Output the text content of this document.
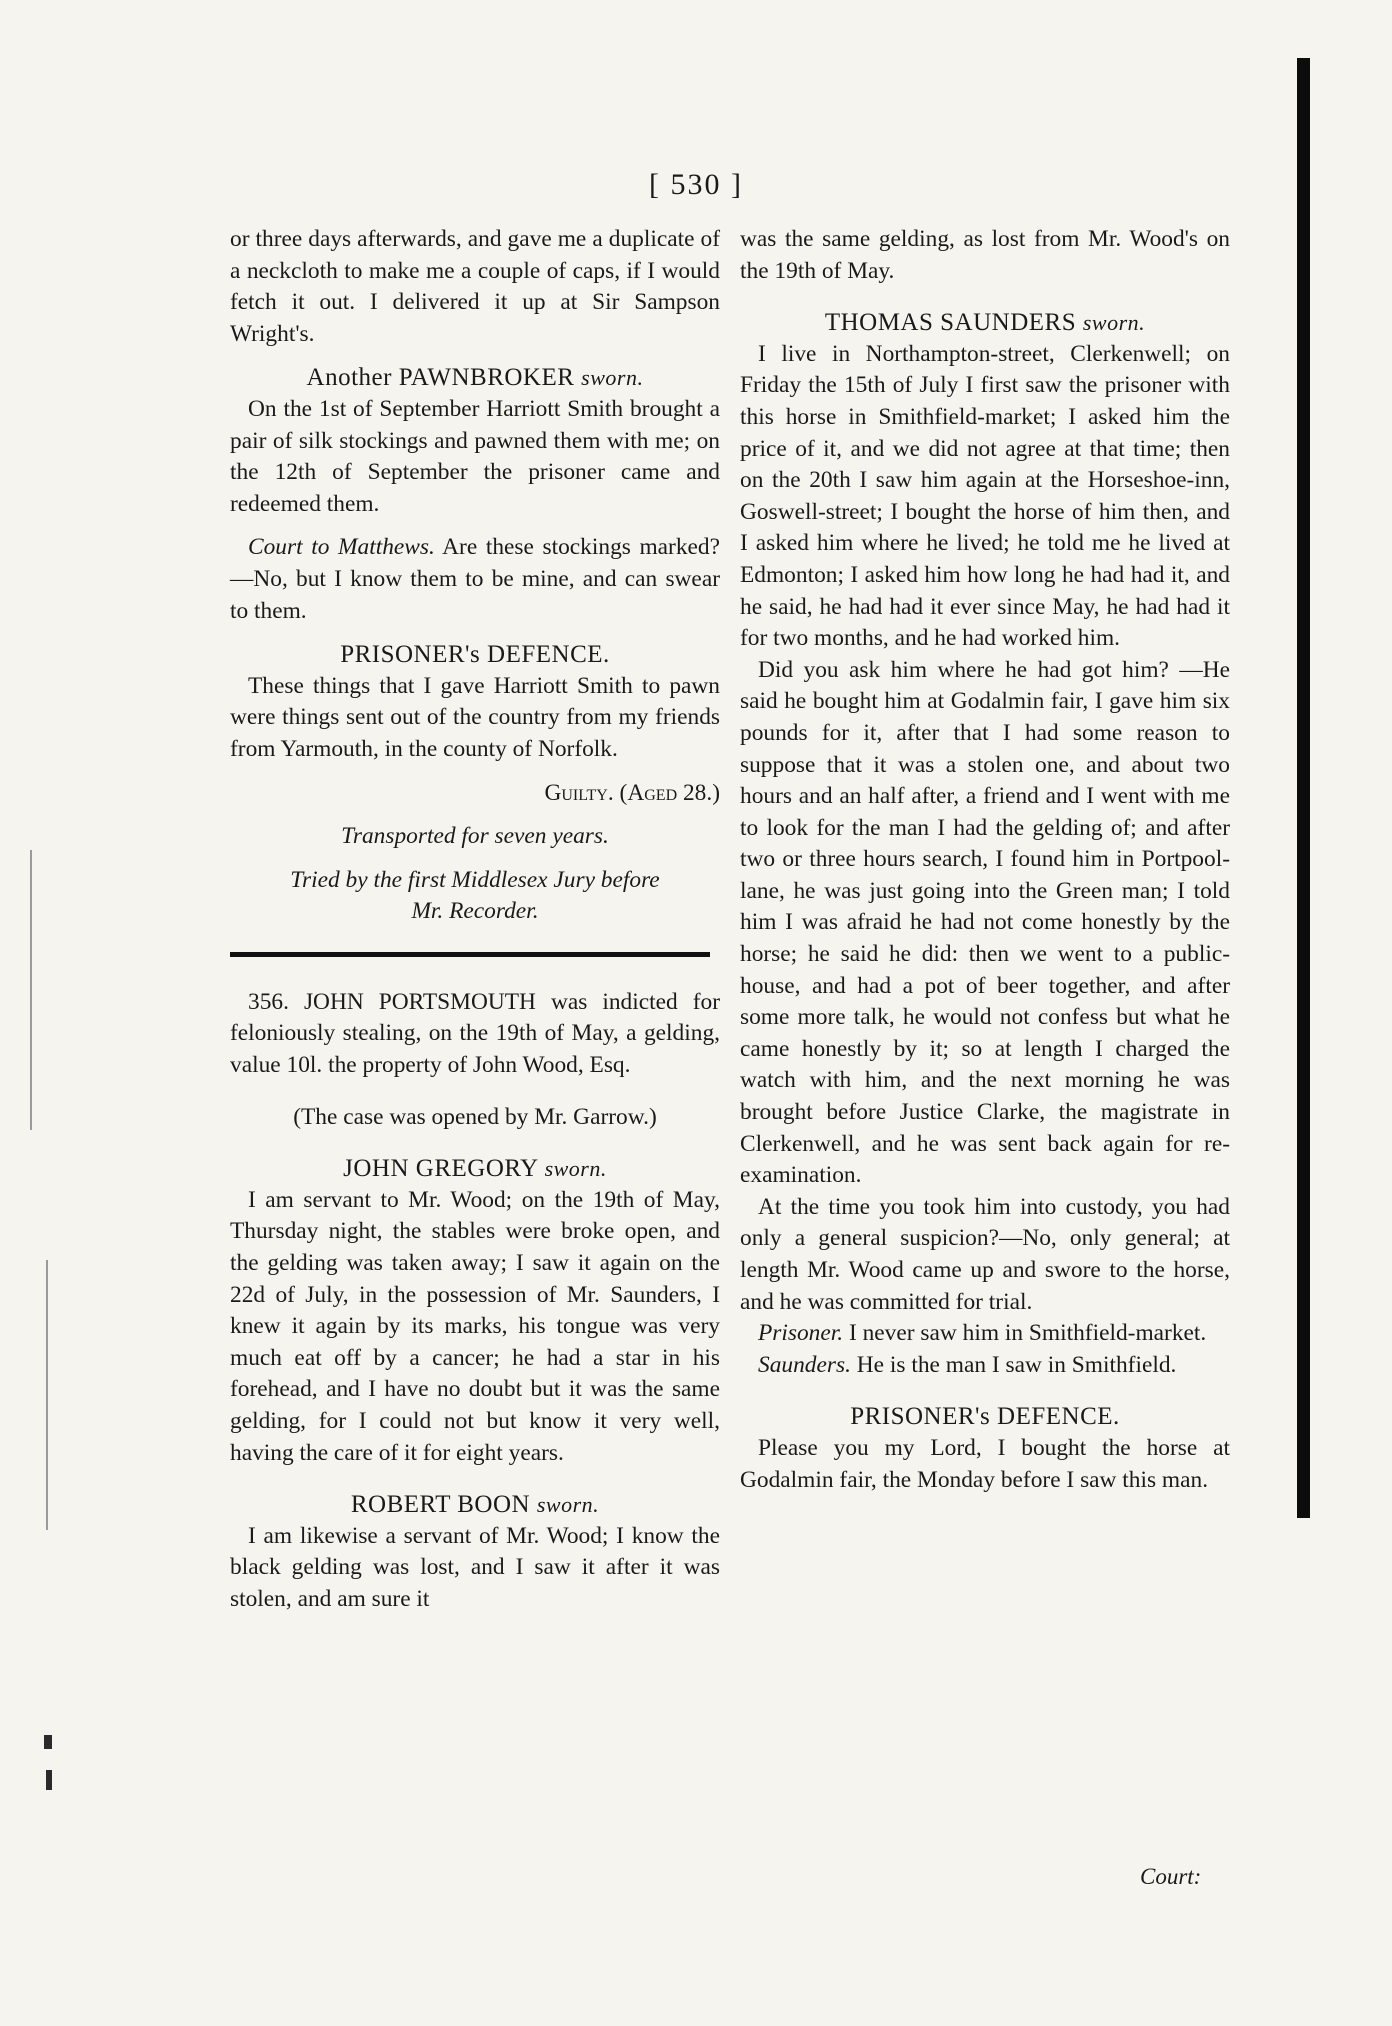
[ 530 ]

or three days afterwards, and gave me a duplicate of a neckcloth to make me a couple of caps, if I would fetch it out. I delivered it up at Sir Sampson Wright's.

Another PAWNBROKER sworn.

On the 1st of September Harriott Smith brought a pair of silk stockings and pawned them with me; on the 12th of September the prisoner came and redeemed them.

Court to Matthews. Are these stockings marked?—No, but I know them to be mine, and can swear to them.

PRISONER's DEFENCE.

These things that I gave Harriott Smith to pawn were things sent out of the country from my friends from Yarmouth, in the county of Norfolk.

Guilty. (Aged 28.)

Transported for seven years.

Tried by the first Middlesex Jury before

Mr. Recorder.

356. JOHN PORTSMOUTH was indicted for feloniously stealing, on the 19th of May, a gelding, value 10l. the property of John Wood, Esq.

(The case was opened by Mr. Garrow.)

JOHN GREGORY sworn.

I am servant to Mr. Wood; on the 19th of May, Thursday night, the stables were broke open, and the gelding was taken away; I saw it again on the 22d of July, in the possession of Mr. Saunders, I knew it again by its marks, his tongue was very much eat off by a cancer; he had a star in his forehead, and I have no doubt but it was the same gelding, for I could not but know it very well, having the care of it for eight years.

ROBERT BOON sworn.

I am likewise a servant of Mr. Wood; I know the black gelding was lost, and I saw it after it was stolen, and am sure it

was the same gelding, as lost from Mr. Wood's on the 19th of May.

THOMAS SAUNDERS sworn.

I live in Northampton-street, Clerkenwell; on Friday the 15th of July I first saw the prisoner with this horse in Smithfield-market; I asked him the price of it, and we did not agree at that time; then on the 20th I saw him again at the Horseshoe-inn, Goswell-street; I bought the horse of him then, and I asked him where he lived; he told me he lived at Edmonton; I asked him how long he had had it, and he said, he had had it ever since May, he had had it for two months, and he had worked him.

Did you ask him where he had got him? —He said he bought him at Godalmin fair, I gave him six pounds for it, after that I had some reason to suppose that it was a stolen one, and about two hours and an half after, a friend and I went with me to look for the man I had the gelding of; and after two or three hours search, I found him in Portpool-lane, he was just going into the Green man; I told him I was afraid he had not come honestly by the horse; he said he did: then we went to a public-house, and had a pot of beer together, and after some more talk, he would not confess but what he came honestly by it; so at length I charged the watch with him, and the next morning he was brought before Justice Clarke, the magistrate in Clerkenwell, and he was sent back again for re-examination.

At the time you took him into custody, you had only a general suspicion?—No, only general; at length Mr. Wood came up and swore to the horse, and he was committed for trial.

Prisoner. I never saw him in Smithfield-market.

Saunders. He is the man I saw in Smithfield.

PRISONER's DEFENCE.

Please you my Lord, I bought the horse at Godalmin fair, the Monday before I saw this man.

Court:
